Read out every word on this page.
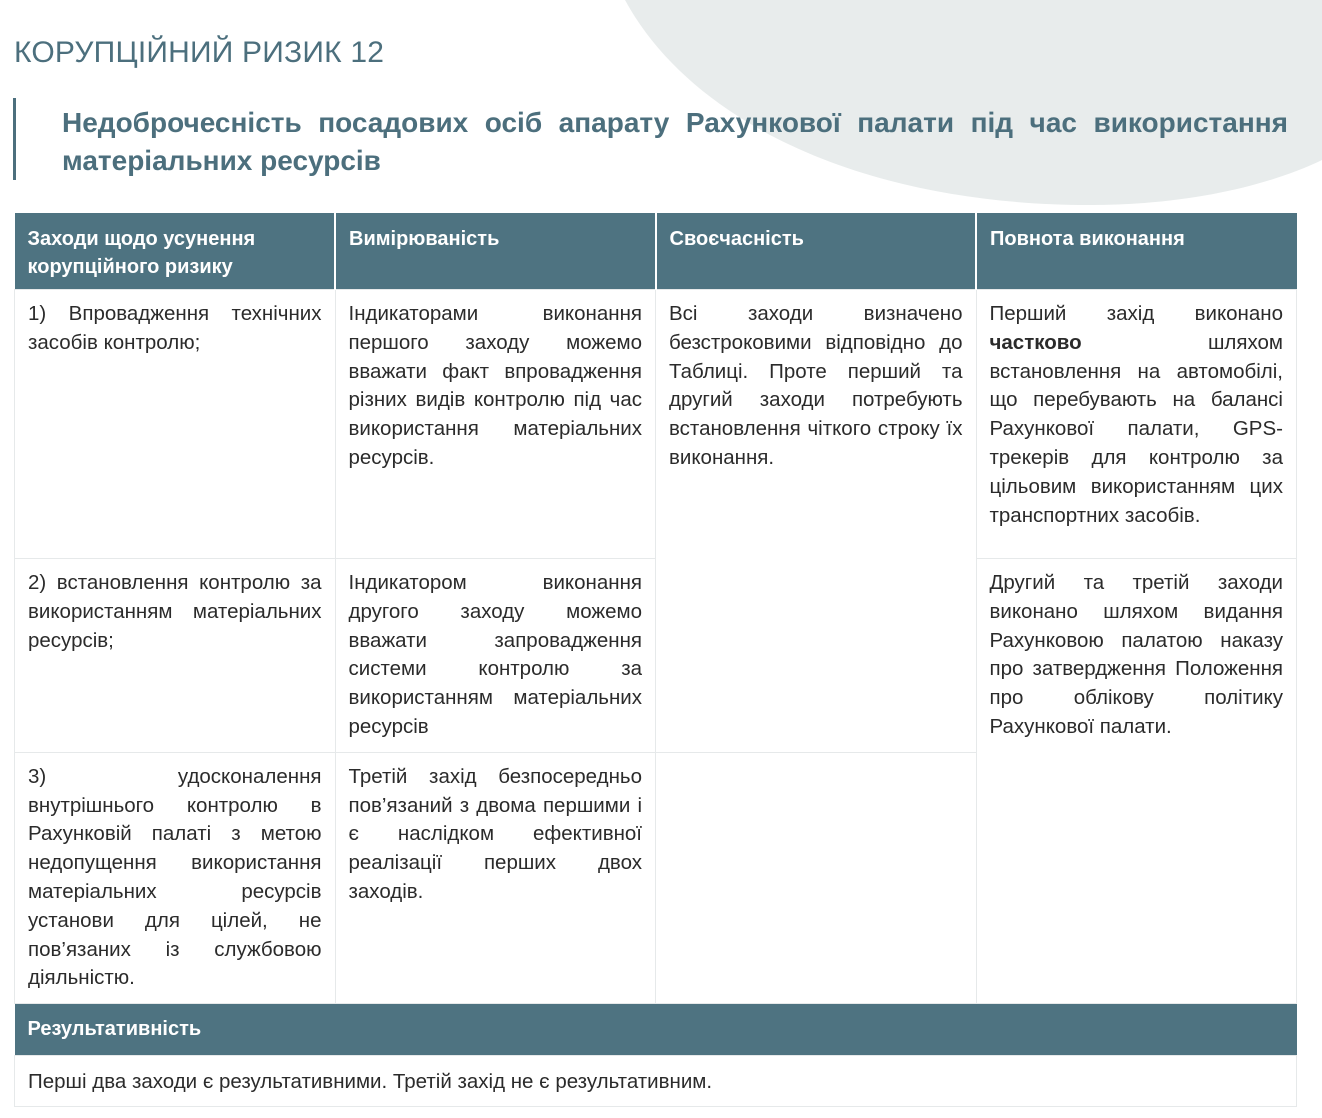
КОРУПЦІЙНИЙ РИЗИК 12

Недоброчесність посадових осіб апарату Рахункової палати під час використання матеріальних ресурсів

Заходи щодо усунення корупційного ризику	Вимірюваність	Своєчасність	Повнота виконання
1) Впровадження технічних засобів контролю;	Індикаторами виконання першого заходу можемо вважати факт впровадження різних видів контролю під час використання матеріальних ресурсів.	Всі заходи визначено безстроковими відповідно до Таблиці. Проте перший та другий заходи потребують встановлення чіткого строку їх виконання.	Перший захід виконано частково шляхом встановлення на автомобілі, що перебувають на балансі Рахункової палати, GPS-трекерів для контролю за цільовим використанням цих транспортних засобів.
2) встановлення контролю за використанням матеріальних ресурсів;	Індикатором виконання другого заходу можемо вважати запровадження системи контролю за використанням матеріальних ресурсів		Другий та третій заходи виконано шляхом видання Рахунковою палатою наказу про затвердження Положення про облікову політику Рахункової палати.
3) удосконалення внутрішнього контролю в Рахунковій палаті з метою недопущення використання матеріальних ресурсів установи для цілей, не пов’язаних із службовою діяльністю.	Третій захід безпосередньо пов’язаний з двома першими і є наслідком ефективної реалізації перших двох заходів.		
Результативність			
Перші два заходи є результативними. Третій захід не є результативним.			
